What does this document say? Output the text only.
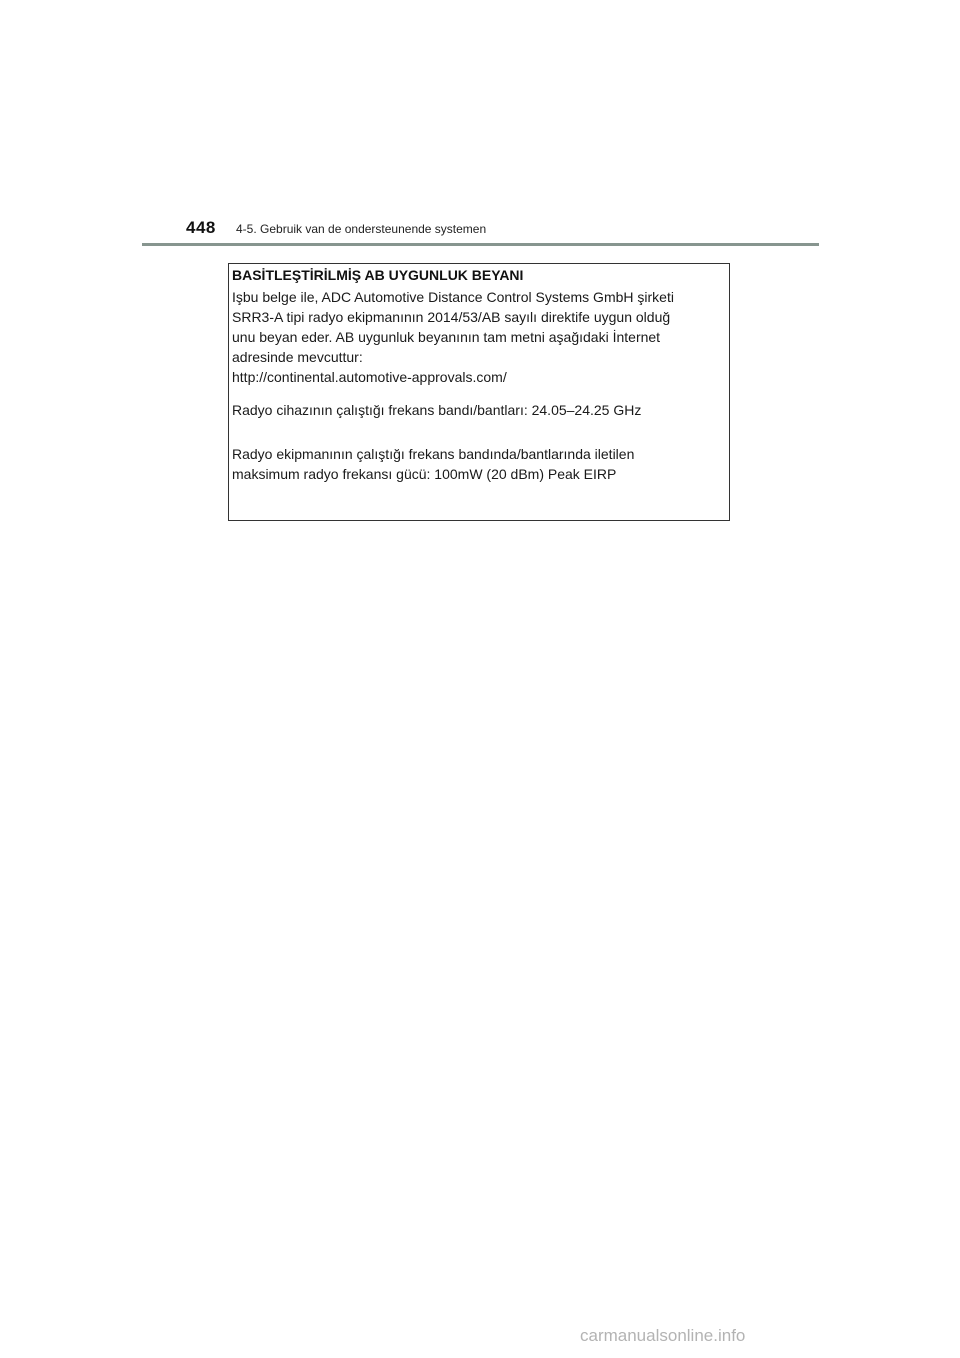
448 4-5. Gebruik van de ondersteunende systemen
BASİTLEŞTİRİLMİŞ AB UYGUNLUK BEYANI
Işbu belge ile, ADC Automotive Distance Control Systems GmbH şirketi
SRR3-A tipi radyo ekipmanının 2014/53/AB sayılı direktife uygun olduğ
unu beyan eder. AB uygunluk beyanının tam metni aşağıdaki İnternet
adresinde mevcuttur:
http://continental.automotive-approvals.com/
Radyo cihazının çalıştığı frekans bandı/bantları: 24.05–24.25 GHz
Radyo ekipmanının çalıştığı frekans bandında/bantlarında iletilen
maksimum radyo frekansı gücü: 100mW (20 dBm) Peak EIRP
carmanualsonline.info
